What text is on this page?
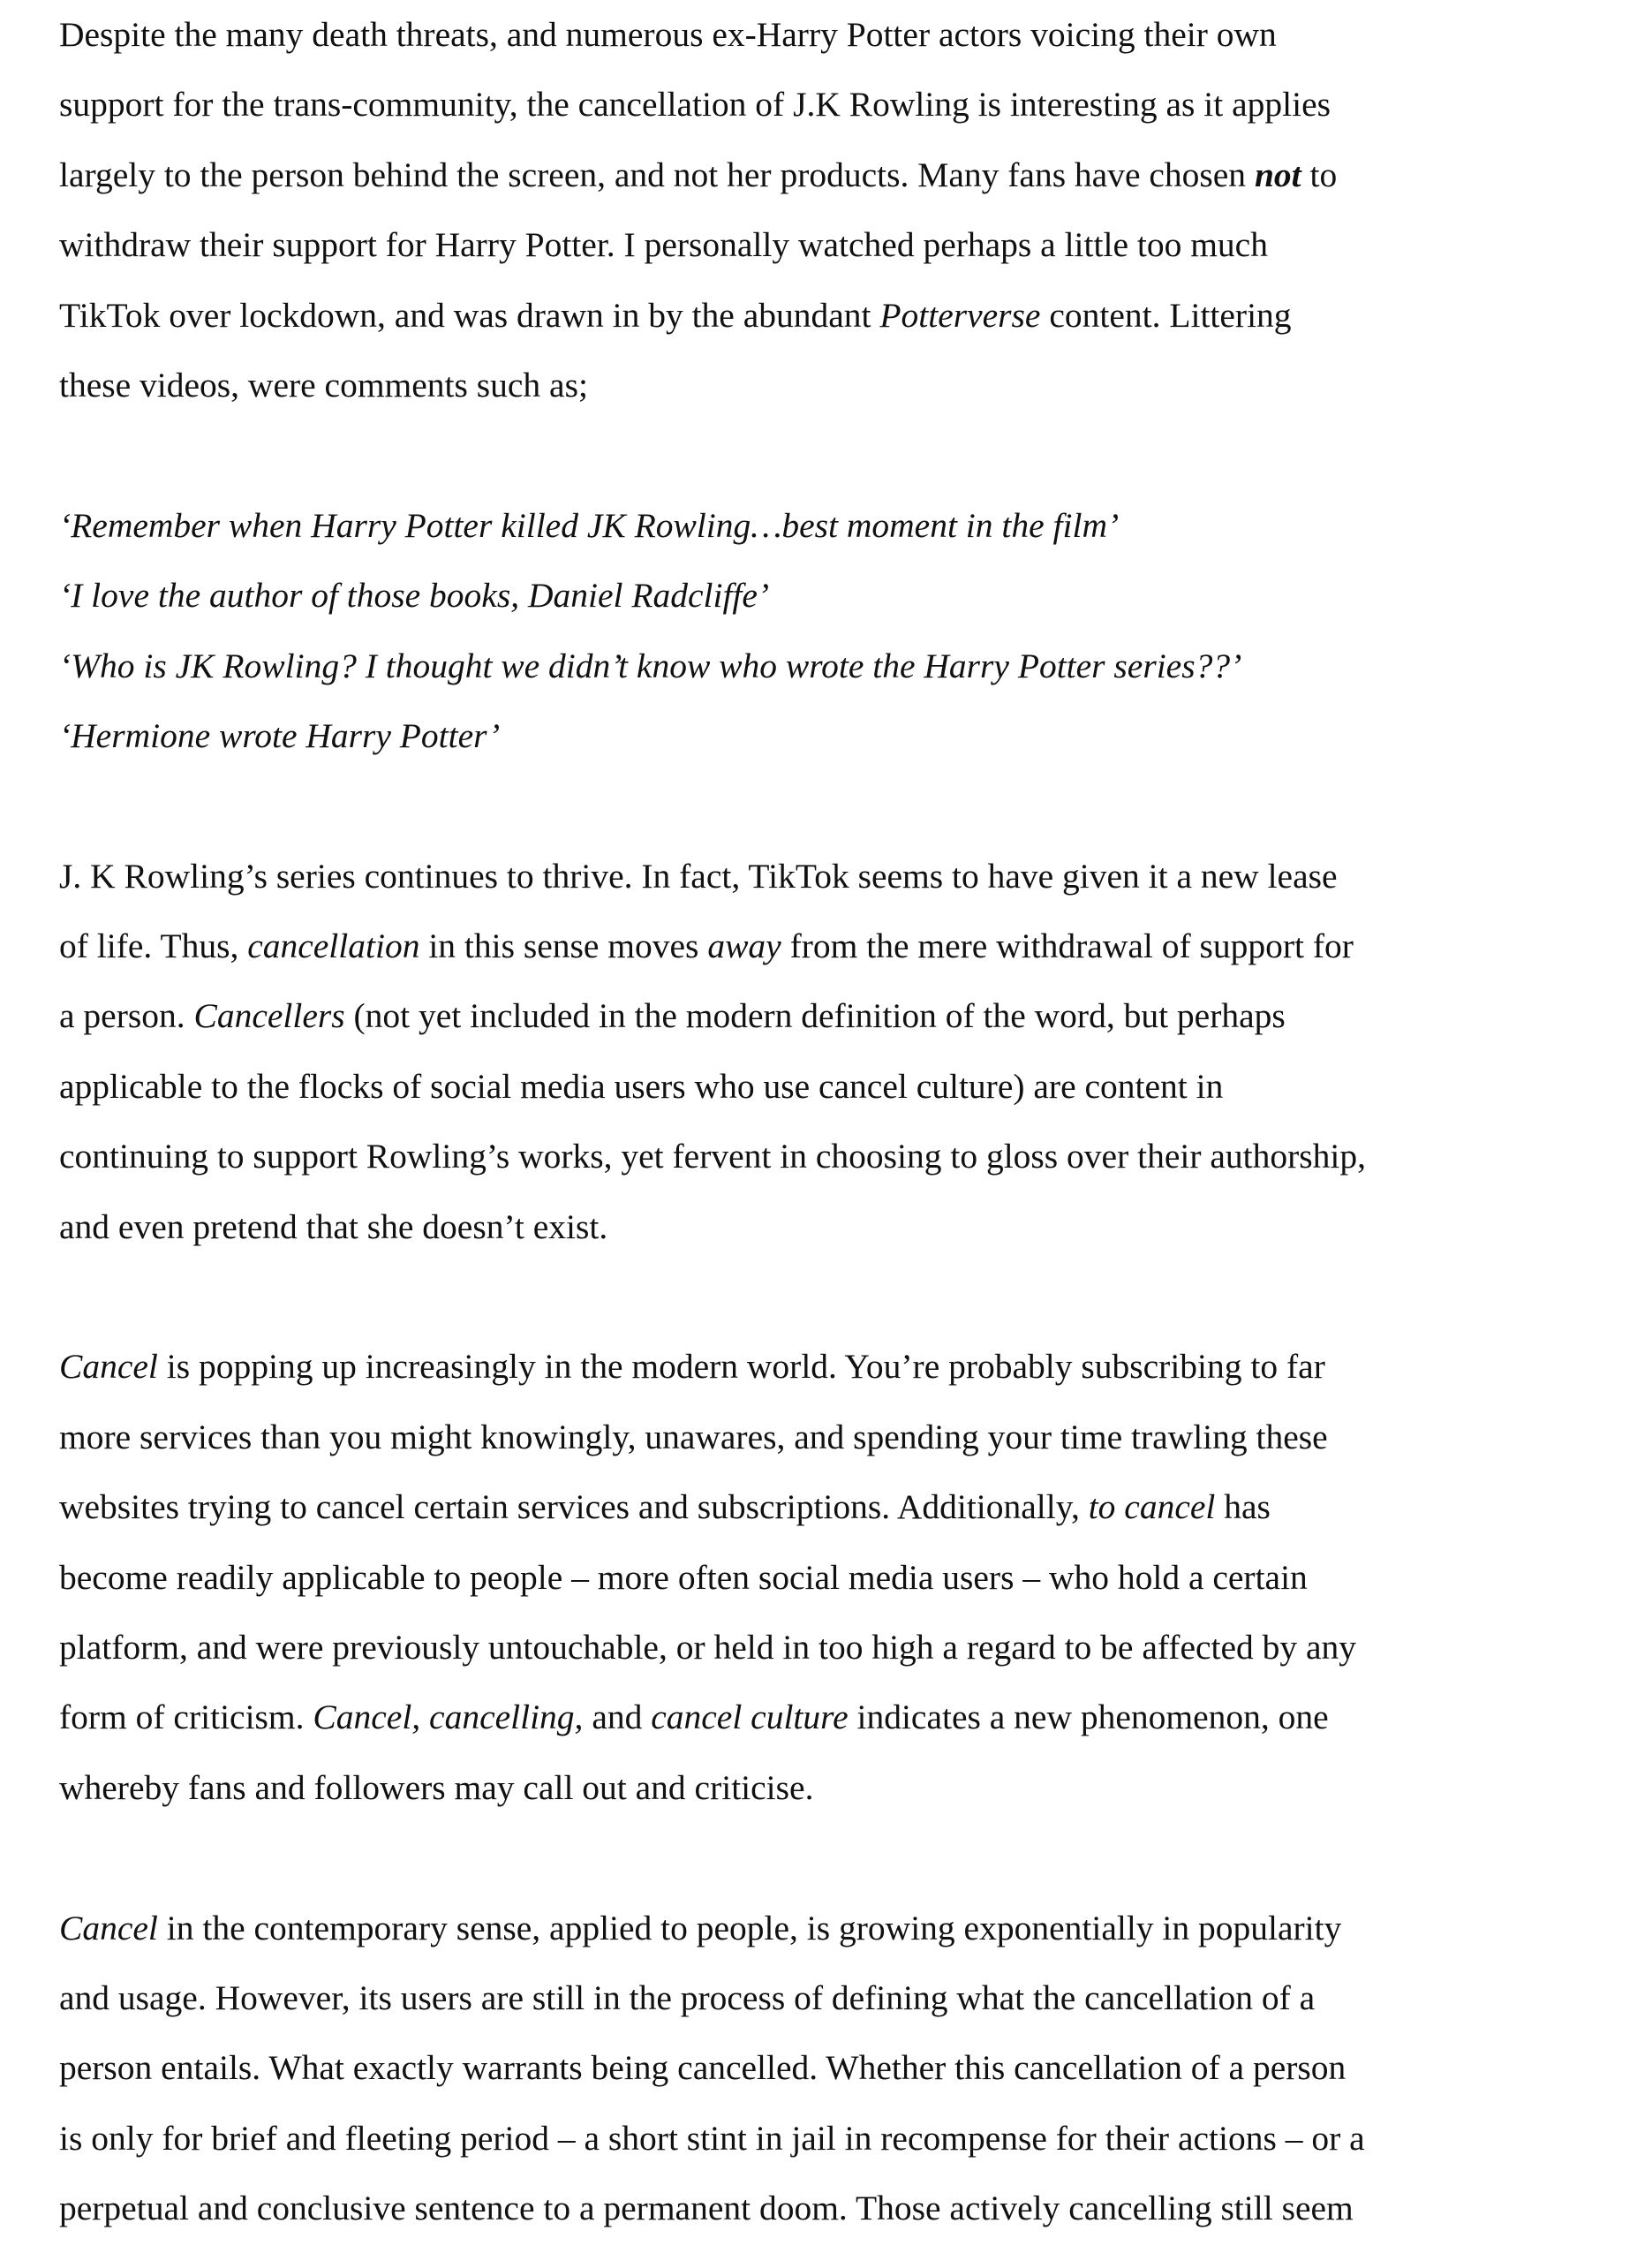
Despite the many death threats, and numerous ex-Harry Potter actors voicing their own
support for the trans-community, the cancellation of J.K Rowling is interesting as it applies
largely to the person behind the screen, and not her products. Many fans have chosen not to
withdraw their support for Harry Potter. I personally watched perhaps a little too much
TikTok over lockdown, and was drawn in by the abundant Potterverse content. Littering
these videos, were comments such as;
‘Remember when Harry Potter killed JK Rowling…best moment in the film’
‘I love the author of those books, Daniel Radcliffe’
‘Who is JK Rowling? I thought we didn’t know who wrote the Harry Potter series??’
‘Hermione wrote Harry Potter’
J. K Rowling’s series continues to thrive. In fact, TikTok seems to have given it a new lease
of life. Thus, cancellation in this sense moves away from the mere withdrawal of support for
a person. Cancellers (not yet included in the modern definition of the word, but perhaps
applicable to the flocks of social media users who use cancel culture) are content in
continuing to support Rowling’s works, yet fervent in choosing to gloss over their authorship,
and even pretend that she doesn’t exist.
Cancel is popping up increasingly in the modern world. You’re probably subscribing to far
more services than you might knowingly, unawares, and spending your time trawling these
websites trying to cancel certain services and subscriptions. Additionally, to cancel has
become readily applicable to people – more often social media users – who hold a certain
platform, and were previously untouchable, or held in too high a regard to be affected by any
form of criticism. Cancel, cancelling, and cancel culture indicates a new phenomenon, one
whereby fans and followers may call out and criticise.
Cancel in the contemporary sense, applied to people, is growing exponentially in popularity
and usage. However, its users are still in the process of defining what the cancellation of a
person entails. What exactly warrants being cancelled. Whether this cancellation of a person
is only for brief and fleeting period – a short stint in jail in recompense for their actions – or a
perpetual and conclusive sentence to a permanent doom. Those actively cancelling still seem
